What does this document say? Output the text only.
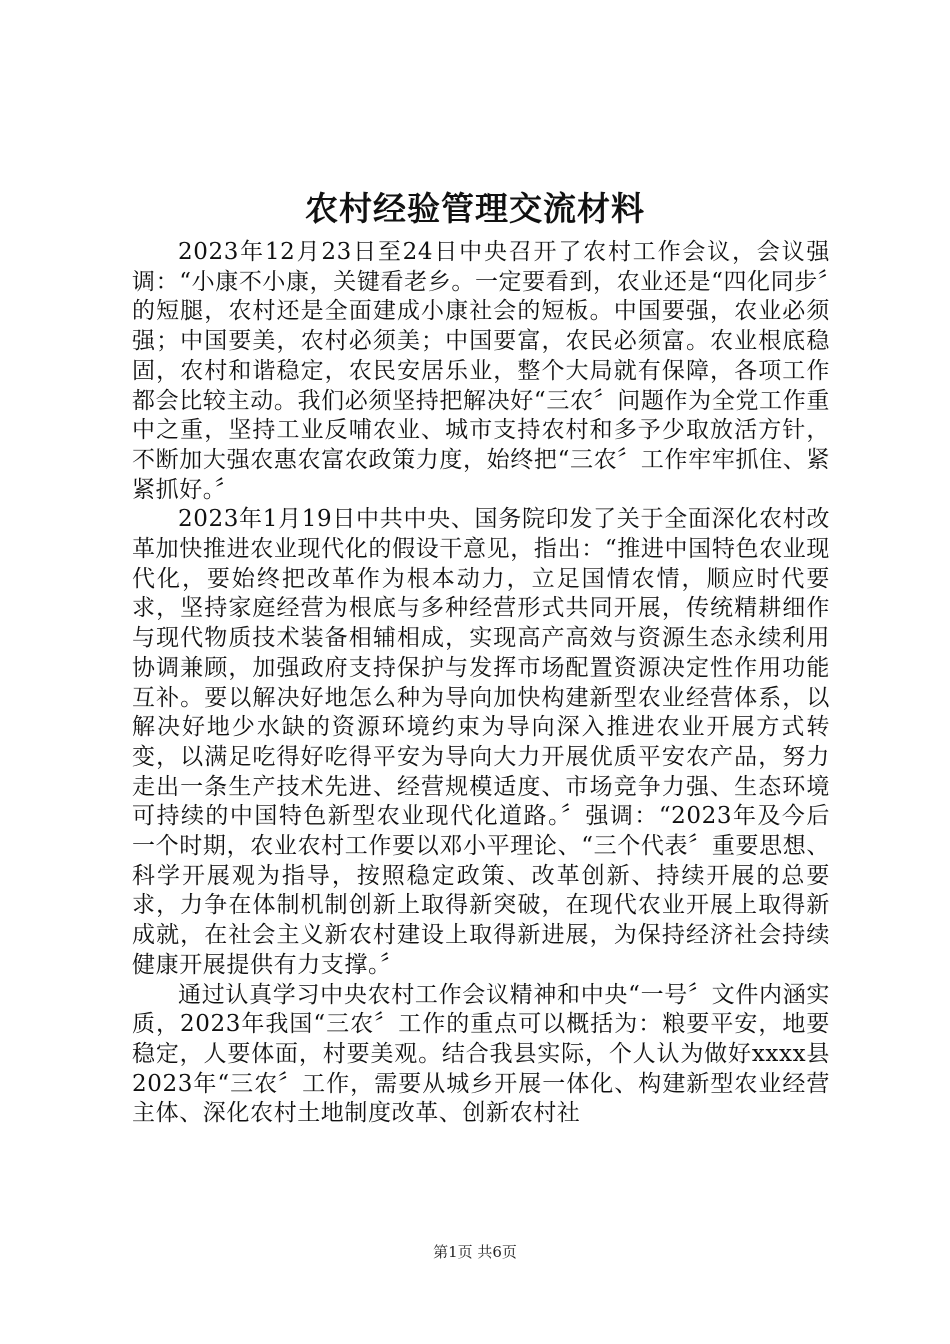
农村经验管理交流材料

2023年12月23日至24日中央召开了农村工作会议，会议强调：“小康不小康，关键看老乡。一定要看到，农业还是“四化同步〞的短腿，农村还是全面建成小康社会的短板。中国要强，农业必须强；中国要美，农村必须美；中国要富，农民必须富。农业根底稳固，农村和谐稳定，农民安居乐业，整个大局就有保障，各项工作都会比较主动。我们必须坚持把解决好“三农〞问题作为全党工作重中之重，坚持工业反哺农业、城市支持农村和多予少取放活方针，不断加大强农惠农富农政策力度，始终把“三农〞工作牢牢抓住、紧紧抓好。〞

2023年1月19日中共中央、国务院印发了关于全面深化农村改革加快推进农业现代化的假设干意见，指出：“推进中国特色农业现代化，要始终把改革作为根本动力，立足国情农情，顺应时代要求，坚持家庭经营为根底与多种经营形式共同开展，传统精耕细作与现代物质技术装备相辅相成，实现高产高效与资源生态永续利用协调兼顾，加强政府支持保护与发挥市场配置资源决定性作用功能互补。要以解决好地怎么种为导向加快构建新型农业经营体系，以解决好地少水缺的资源环境约束为导向深入推进农业开展方式转变，以满足吃得好吃得平安为导向大力开展优质平安农产品，努力走出一条生产技术先进、经营规模适度、市场竞争力强、生态环境可持续的中国特色新型农业现代化道路。〞强调：“2023年及今后一个时期，农业农村工作要以邓小平理论、“三个代表〞重要思想、科学开展观为指导，按照稳定政策、改革创新、持续开展的总要求，力争在体制机制创新上取得新突破，在现代农业开展上取得新成就，在社会主义新农村建设上取得新进展，为保持经济社会持续健康开展提供有力支撑。〞

通过认真学习中央农村工作会议精神和中央“一号〞文件内涵实质，2023年我国“三农〞工作的重点可以概括为：粮要平安，地要稳定，人要体面，村要美观。结合我县实际，个人认为做好xxxx县2023年“三农〞工作，需要从城乡开展一体化、构建新型农业经营主体、深化农村土地制度改革、创新农村社

第1页 共6页
